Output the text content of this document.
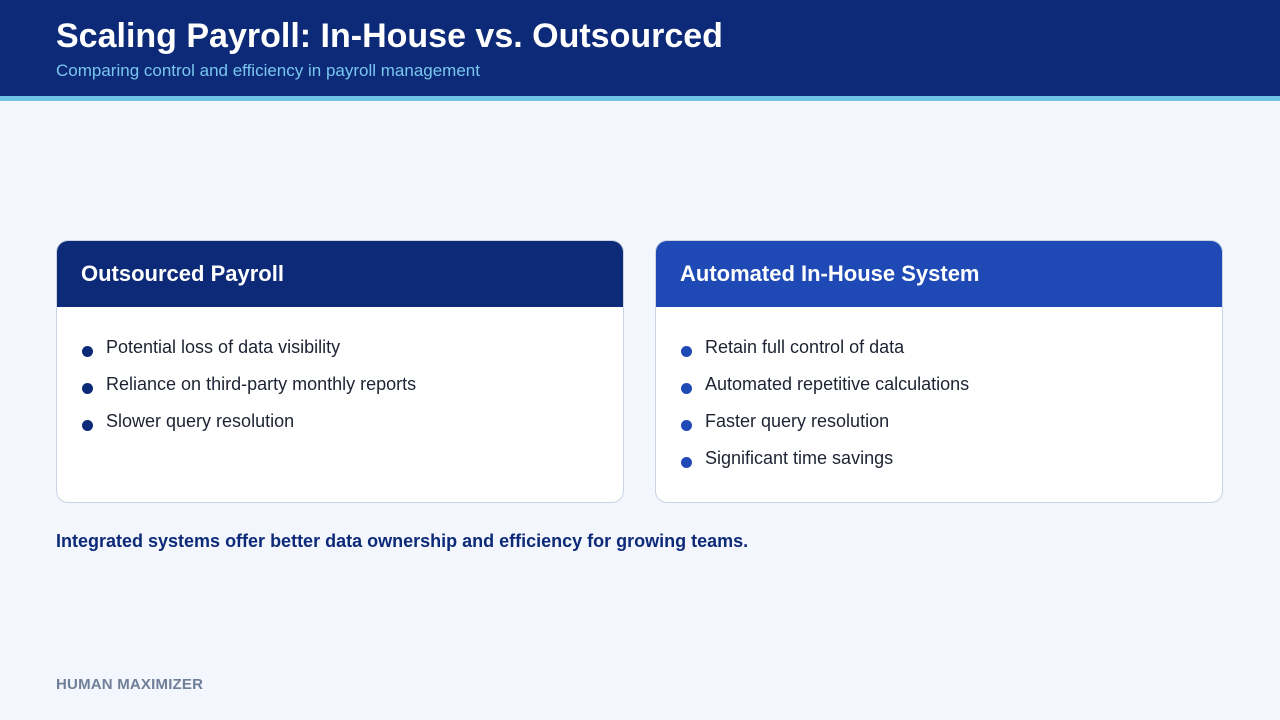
Scaling Payroll: In-House vs. Outsourced

Comparing control and efficiency in payroll management

Outsourced Payroll
Potential loss of data visibility
Reliance on third-party monthly reports
Slower query resolution
Automated In-House System
Retain full control of data
Automated repetitive calculations
Faster query resolution
Significant time savings

Integrated systems offer better data ownership and efficiency for growing teams.

HUMAN MAXIMIZER
